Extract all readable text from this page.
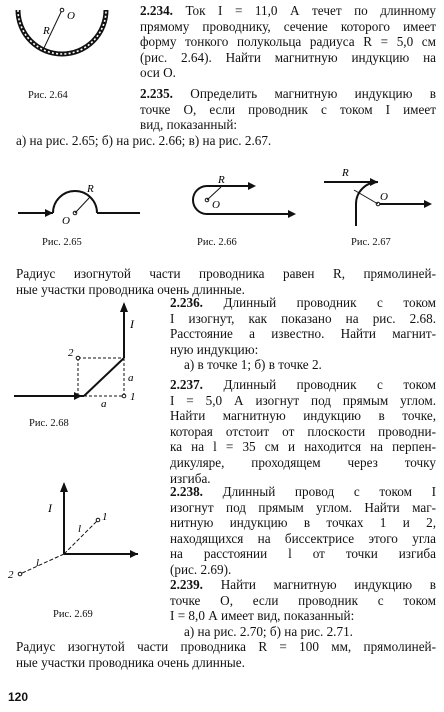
O
R
Рис. 2.64
2.234. Ток I = 11,0 А течет по длинному
прямому проводнику, сечение которого имеет
форму тонкого полукольца радиуса R = 5,0 см
(рис. 2.64). Найти магнитную индукцию на
оси O.
2.235. Определить магнитную индукцию в
точке O, если проводник с током I имеет
вид, показанный:
а) на рис. 2.65; б) на рис. 2.66; в) на рис. 2.67.
O
R
Рис. 2.65
O
R
Рис. 2.66
O
R
Рис. 2.67
Радиус изогнутой части проводника равен R, прямолиней-
ные участки проводника очень длинные.
I
2
1
a
a
Рис. 2.68
2.236. Длинный проводник с током
I изогнут, как показано на рис. 2.68.
Расстояние a известно. Найти магнит-
ную индукцию:
а) в точке 1; б) в точке 2.
2.237. Длинный проводник с током
I = 5,0 А изогнут под прямым углом.
Найти магнитную индукцию в точке,
которая отстоит от плоскости проводни-
ка на l = 35 см и находится на перпен-
дикуляре, проходящем через точку
изгиба.
I
1
2
l
l
Рис. 2.69
2.238. Длинный провод с током I
изогнут под прямым углом. Найти маг-
нитную индукцию в точках 1 и 2,
находящихся на биссектрисе этого угла
на расстоянии l от точки изгиба
(рис. 2.69).
2.239. Найти магнитную индукцию в
точке O, если проводник с током
I = 8,0 А имеет вид, показанный:
а) на рис. 2.70; б) на рис. 2.71.
Радиус изогнутой части проводника R = 100 мм, прямолиней-
ные участки проводника очень длинные.
120
